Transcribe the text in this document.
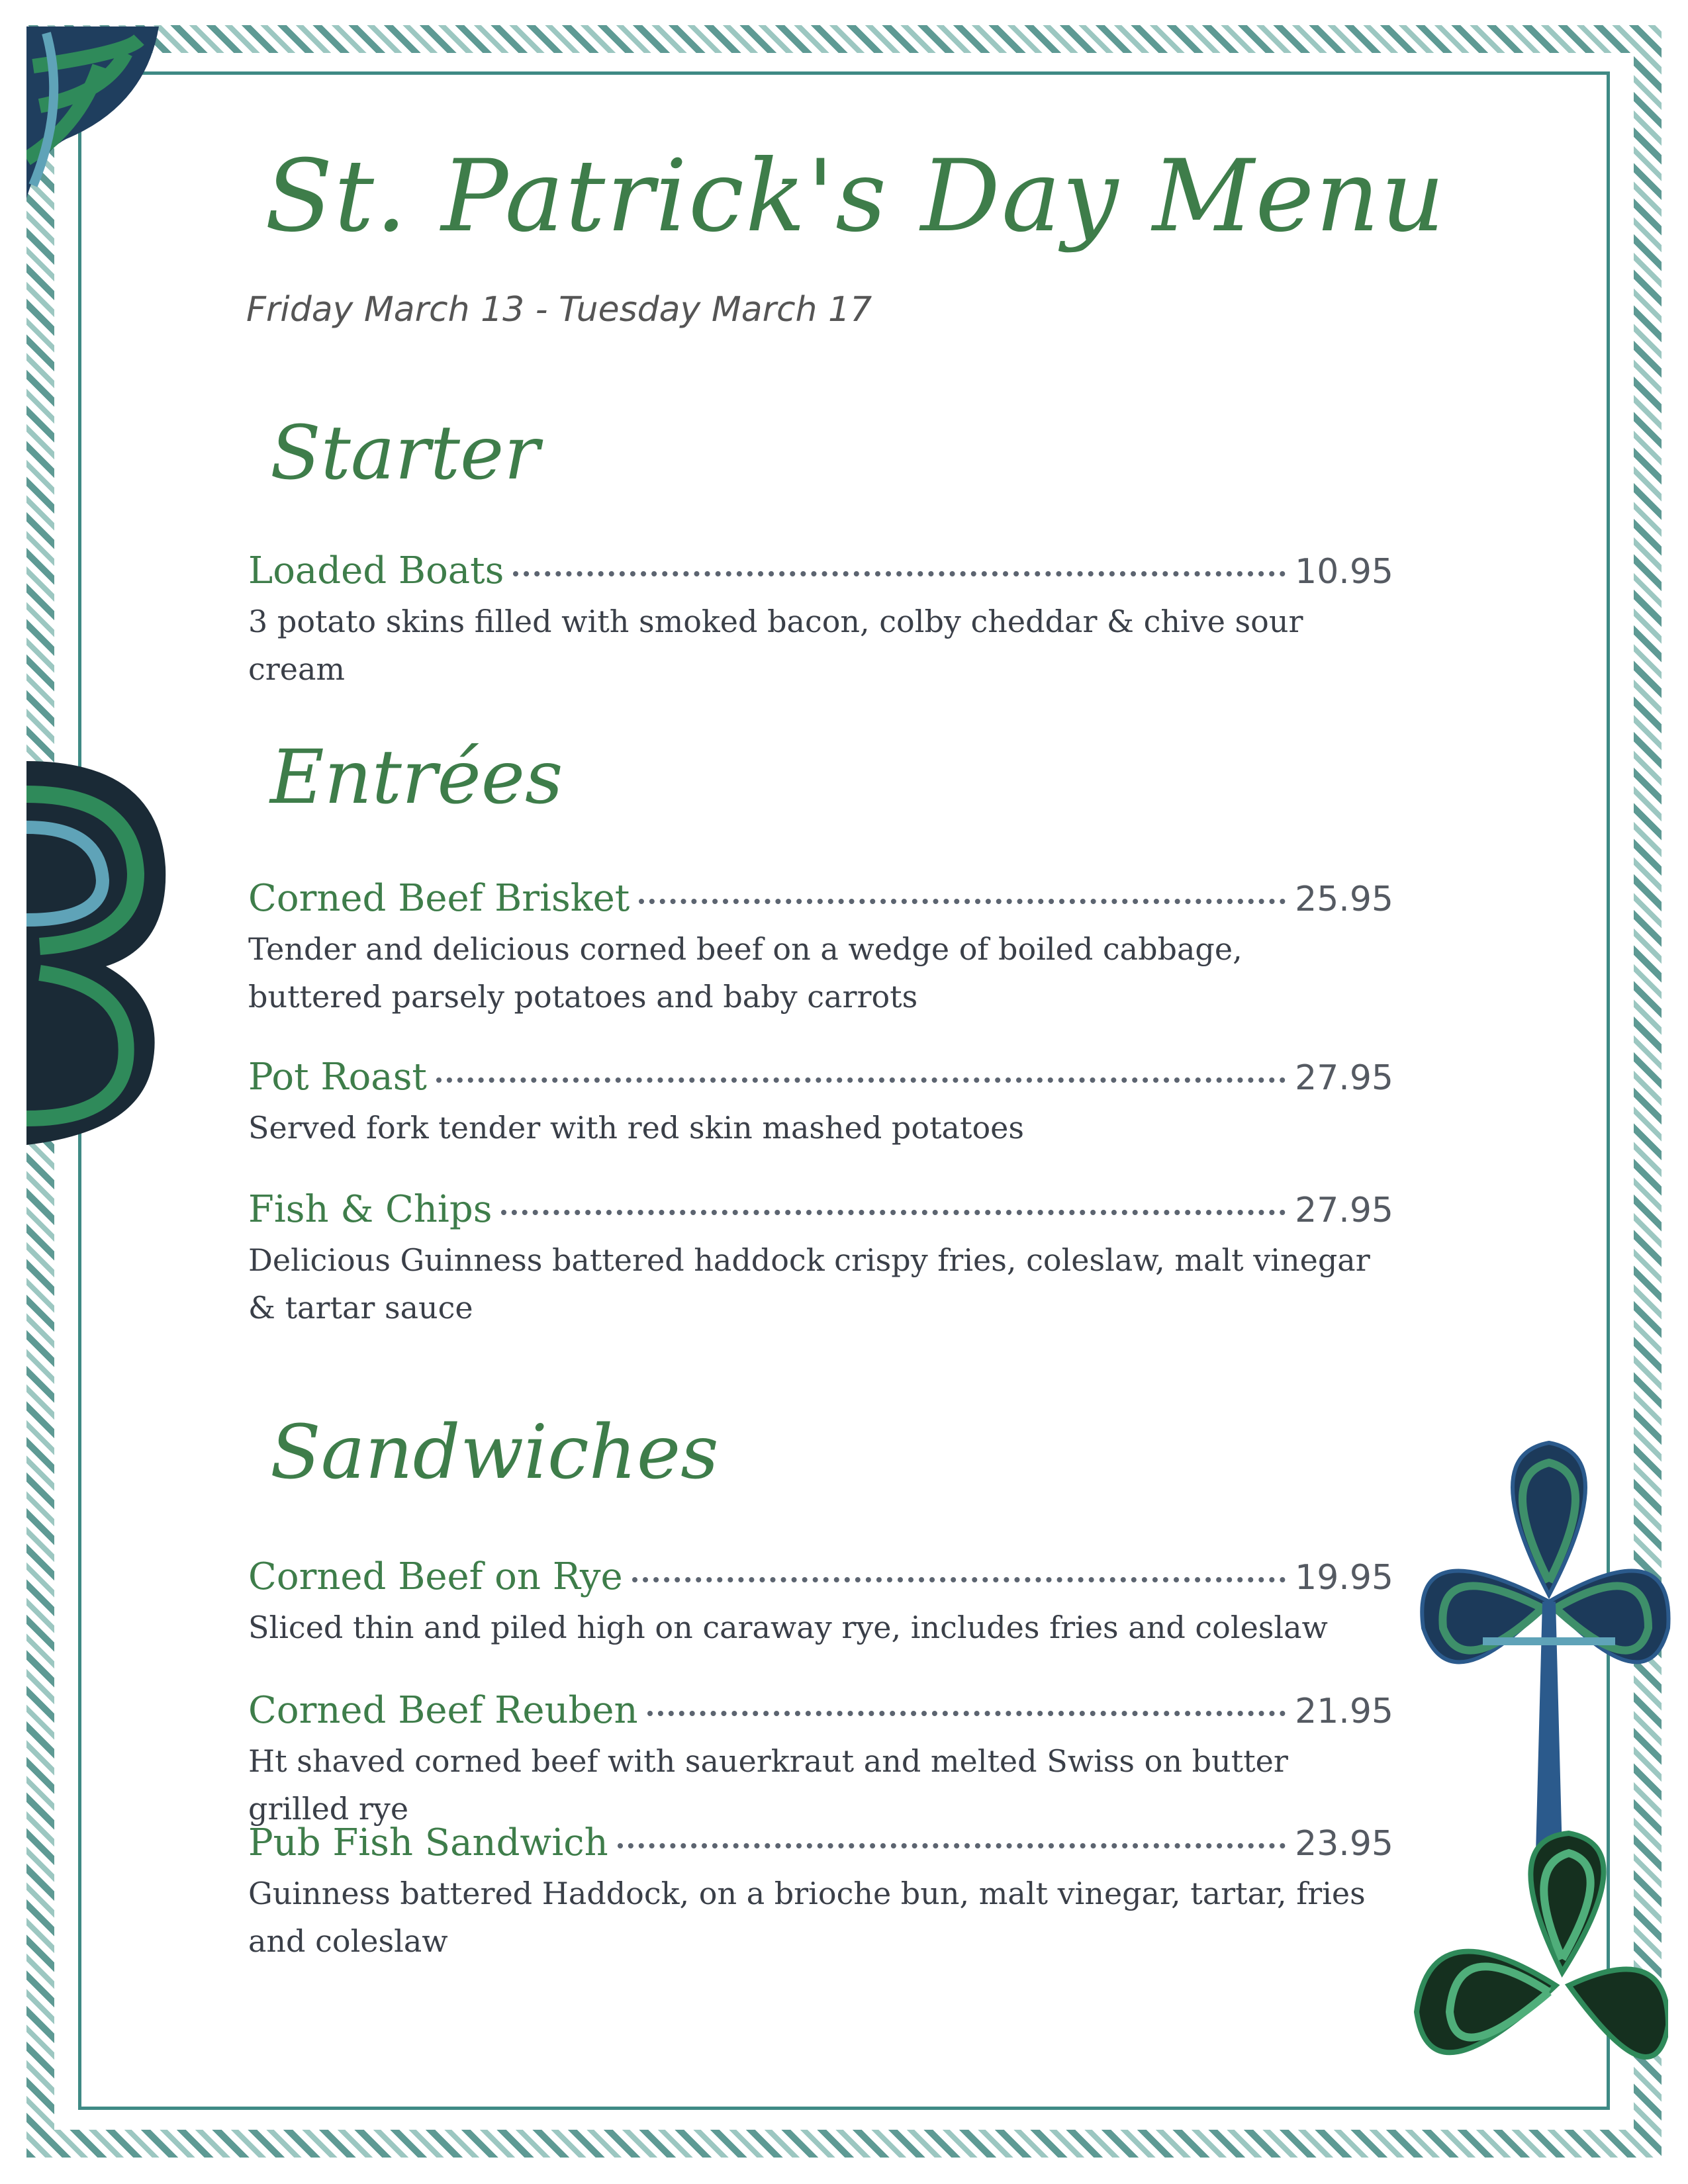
St. Patrick's Day Menu
Friday March 13 - Tuesday March 17
Starter
Loaded Boats	10.95
3 potato skins filled with smoked bacon, colby cheddar & chive sour cream
Entrées
Corned Beef Brisket	25.95
Tender and delicious corned beef on a wedge of boiled cabbage, buttered parsely potatoes and baby carrots
Pot Roast	27.95
Served fork tender with red skin mashed potatoes
Fish & Chips	27.95
Delicious Guinness battered haddock crispy fries, coleslaw, malt vinegar & tartar sauce
Sandwiches
Corned Beef on Rye	19.95
Sliced thin and piled high on caraway rye, includes fries and coleslaw
Corned Beef Reuben	21.95
Ht shaved corned beef with sauerkraut and melted Swiss on butter grilled rye
Pub Fish Sandwich	23.95
Guinness battered Haddock, on a brioche bun, malt vinegar, tartar, fries and coleslaw
